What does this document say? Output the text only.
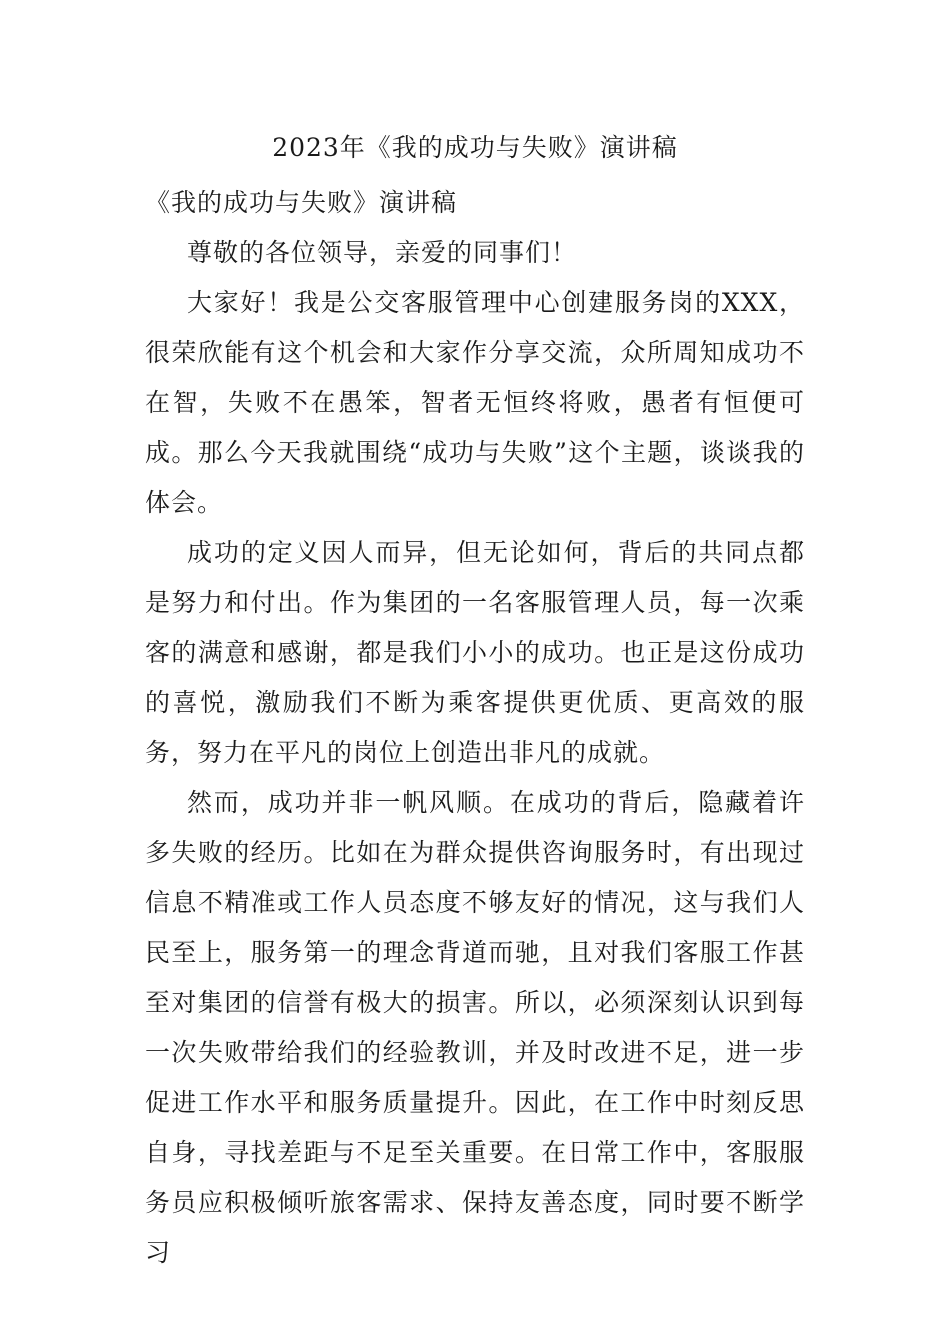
2023年《我的成功与失败》演讲稿

《我的成功与失败》演讲稿

尊敬的各位领导，亲爱的同事们！

大家好！我是公交客服管理中心创建服务岗的XXX，很荣欣能有这个机会和大家作分享交流，众所周知成功不在智，失败不在愚笨，智者无恒终将败，愚者有恒便可成。那么今天我就围绕“成功与失败”这个主题，谈谈我的体会。

成功的定义因人而异，但无论如何，背后的共同点都是努力和付出。作为集团的一名客服管理人员，每一次乘客的满意和感谢，都是我们小小的成功。也正是这份成功的喜悦，激励我们不断为乘客提供更优质、更高效的服务，努力在平凡的岗位上创造出非凡的成就。

然而，成功并非一帆风顺。在成功的背后，隐藏着许多失败的经历。比如在为群众提供咨询服务时，有出现过信息不精准或工作人员态度不够友好的情况，这与我们人民至上，服务第一的理念背道而驰，且对我们客服工作甚至对集团的信誉有极大的损害。所以，必须深刻认识到每一次失败带给我们的经验教训，并及时改进不足，进一步促进工作水平和服务质量提升。因此，在工作中时刻反思自身，寻找差距与不足至关重要。在日常工作中，客服服务员应积极倾听旅客需求、保持友善态度，同时要不断学习
